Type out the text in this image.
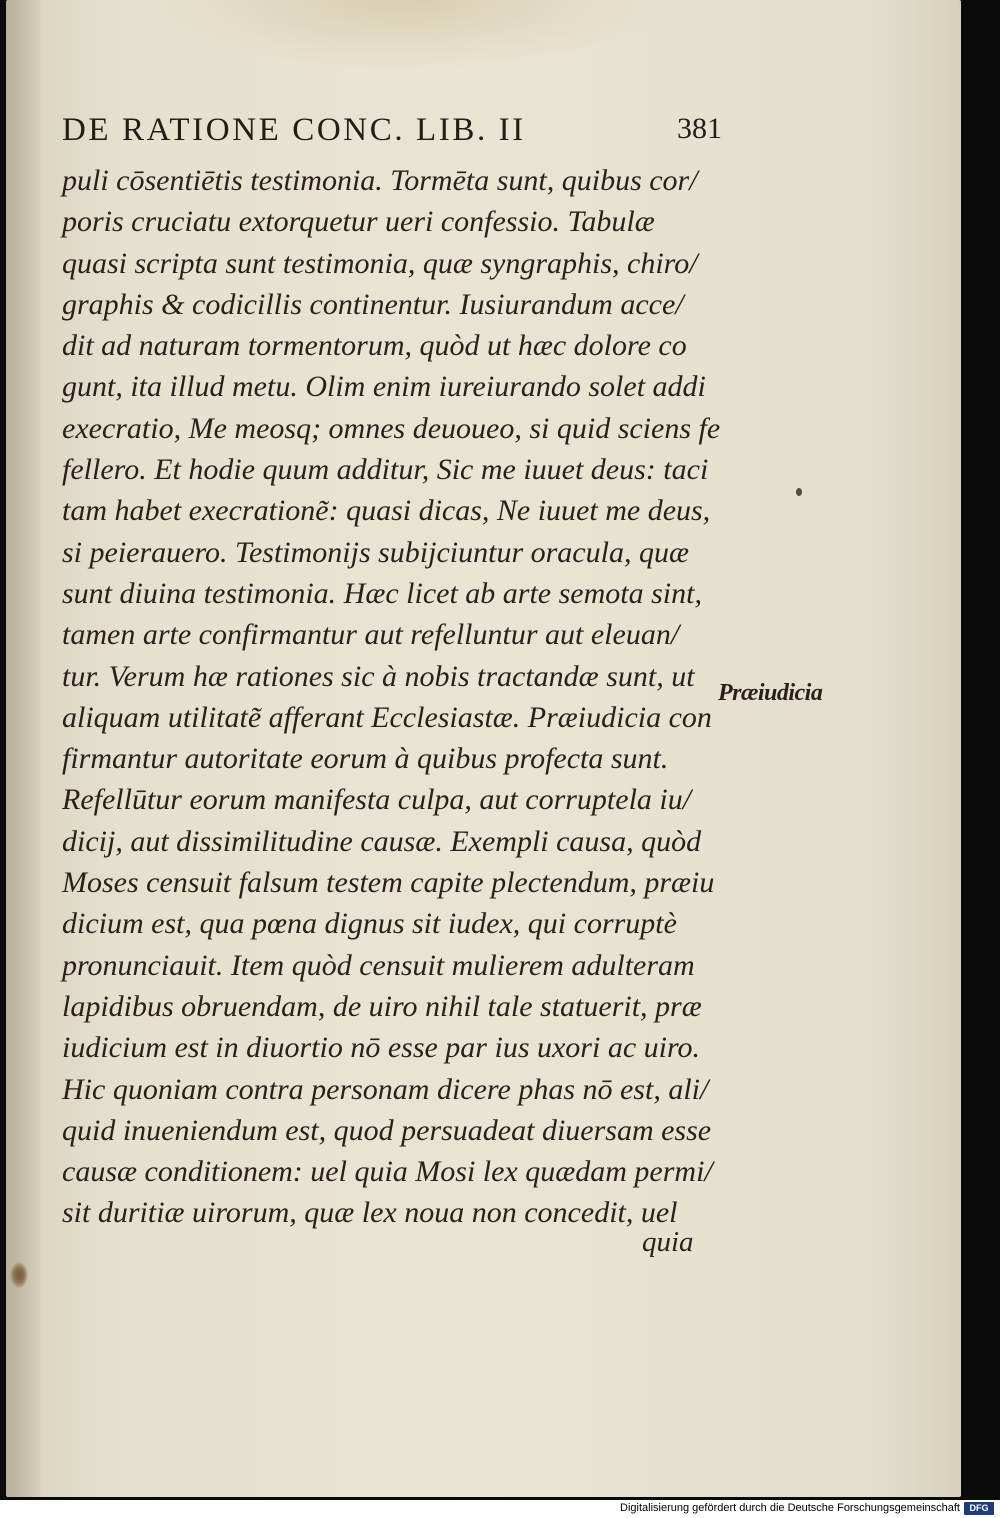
DE RATIONE CONC. LIB. II	381
puli cōsentiētis testimonia. Tormēta sunt, quibus cor/
poris cruciatu extorquetur ueri confessio. Tabulæ
quasi scripta sunt testimonia, quæ syngraphis, chiro/
graphis & codicillis continentur. Iusiurandum acce/
dit ad naturam tormentorum, quòd ut hæc dolore co
gunt, ita illud metu. Olim enim iureiurando solet addi
execratio, Me meosq; omnes deuoueo, si quid sciens fe
fellero. Et hodie quum additur, Sic me iuuet deus: taci
tam habet execratione͂: quasi dicas, Ne iuuet me deus,
si peierauero. Testimonijs subijciuntur oracula, quæ
sunt diuina testimonia. Hæc licet ab arte semota sint,
tamen arte confirmantur aut refelluntur aut eleuan/
tur. Verum hæ rationes sic à nobis tractandæ sunt, ut
aliquam utilitate͂ afferant Ecclesiastæ. Præiudicia con
firmantur autoritate eorum à quibus profecta sunt.
Refellūtur eorum manifesta culpa, aut corruptela iu/
dicij, aut dissimilitudine causæ. Exempli causa, quòd
Moses censuit falsum testem capite plectendum, præiu
dicium est, qua pœna dignus sit iudex, qui corruptè
pronunciauit. Item quòd censuit mulierem adulteram
lapidibus obruendam, de uiro nihil tale statuerit, præ
iudicium est in diuortio nō esse par ius uxori ac uiro.
Hic quoniam contra personam dicere phas nō est, ali/
quid inueniendum est, quod persuadeat diuersam esse
causæ conditionem: uel quia Mosi lex quædam permi/
sit duritiæ uirorum, quæ lex noua non concedit, uel
Præiudicia
quia
Digitalisierung gefördert durch die Deutsche Forschungsgemeinschaft	DFG
